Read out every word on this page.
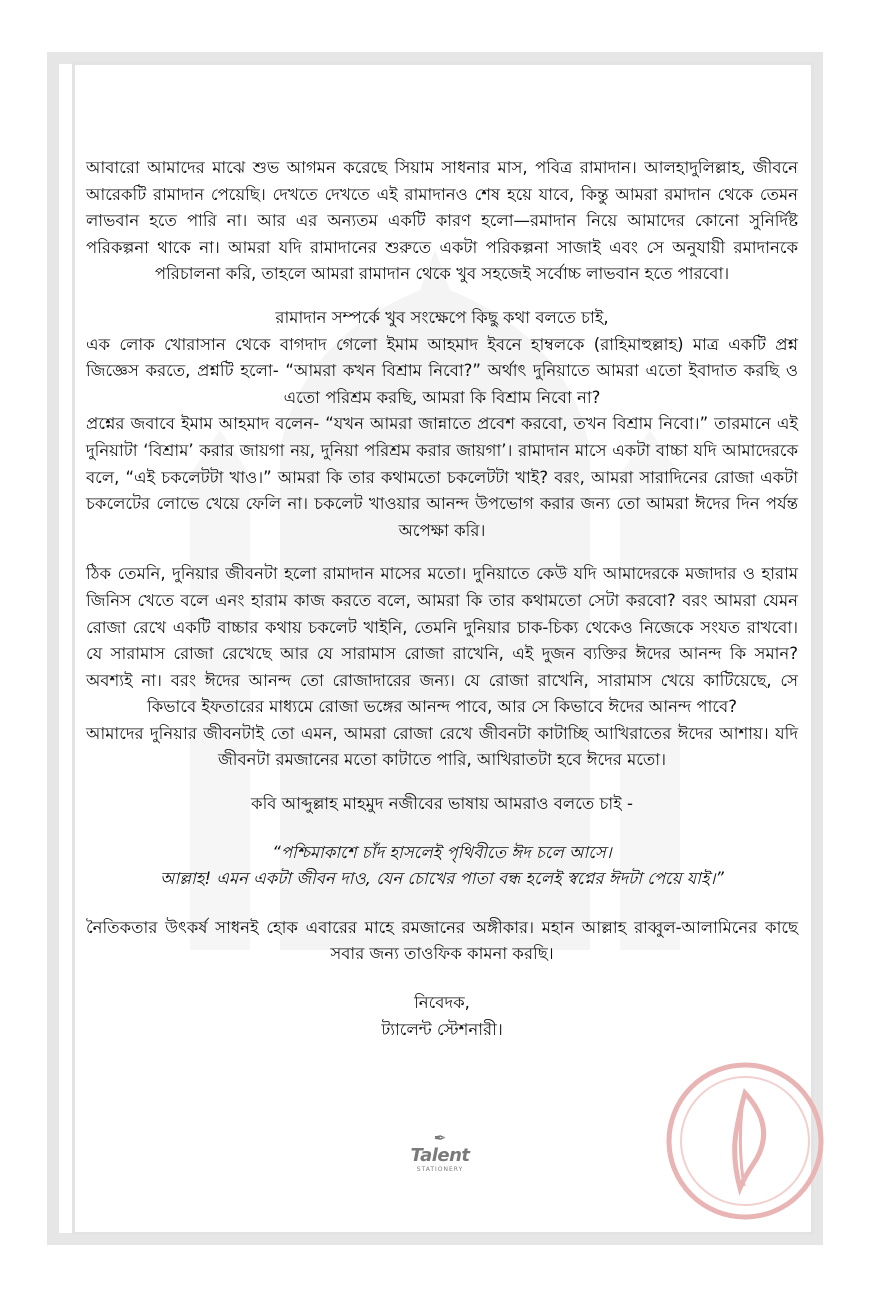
আবারো আমাদের মাঝে শুভ আগমন করেছে সিয়াম সাধনার মাস, পবিত্র রামাদান। আলহাদুলিল্লাহ, জীবনে আরেকটি রামাদান পেয়েছি। দেখতে দেখতে এই রামাদানও শেষ হয়ে যাবে, কিন্তু আমরা রমাদান থেকে তেমন লাভবান হতে পারি না। আর এর অন্যতম একটি কারণ হলো—রমাদান নিয়ে আমাদের কোনো সুনির্দিষ্ট পরিকল্পনা থাকে না। আমরা যদি রামাদানের শুরুতে একটা পরিকল্পনা সাজাই এবং সে অনুযায়ী রমাদানকে পরিচালনা করি, তাহলে আমরা রামাদান থেকে খুব সহজেই সর্বোচ্চ লাভবান হতে পারবো।

রামাদান সম্পর্কে খুব সংক্ষেপে কিছু কথা বলতে চাই,

এক লোক খোরাসান থেকে বাগদাদ গেলো ইমাম আহমাদ ইবনে হাম্বলকে (রাহিমাহুল্লাহ) মাত্র একটি প্রশ্ন জিজ্ঞেস করতে, প্রশ্নটি হলো- “আমরা কখন বিশ্রাম নিবো?” অর্থাৎ দুনিয়াতে আমরা এতো ইবাদাত করছি ও এতো পরিশ্রম করছি, আমরা কি বিশ্রাম নিবো না?

প্রশ্নের জবাবে ইমাম আহমাদ বলেন- “যখন আমরা জান্নাতে প্রবেশ করবো, তখন বিশ্রাম নিবো।” তারমানে এই দুনিয়াটা ‘বিশ্রাম’ করার জায়গা নয়, দুনিয়া পরিশ্রম করার জায়গা’। রামাদান মাসে একটা বাচ্চা যদি আমাদেরকে বলে, “এই চকলেটটা খাও।” আমরা কি তার কথামতো চকলেটটা খাই? বরং, আমরা সারাদিনের রোজা একটা চকলেটের লোভে খেয়ে ফেলি না। চকলেট খাওয়ার আনন্দ উপভোগ করার জন্য তো আমরা ঈদের দিন পর্যন্ত অপেক্ষা করি।

ঠিক তেমনি, দুনিয়ার জীবনটা হলো রামাদান মাসের মতো। দুনিয়াতে কেউ যদি আমাদেরকে মজাদার ও হারাম জিনিস খেতে বলে এনং হারাম কাজ করতে বলে, আমরা কি তার কথামতো সেটা করবো? বরং আমরা যেমন রোজা রেখে একটি বাচ্চার কথায় চকলেট খাইনি, তেমনি দুনিয়ার চাক-চিক্য থেকেও নিজেকে সংযত রাখবো। যে সারামাস রোজা রেখেছে আর যে সারামাস রোজা রাখেনি, এই দুজন ব্যক্তির ঈদের আনন্দ কি সমান? অবশ্যই না। বরং ঈদের আনন্দ তো রোজাদারের জন্য। যে রোজা রাখেনি, সারামাস খেয়ে কাটিয়েছে, সে কিভাবে ইফতারের মাধ্যমে রোজা ভঙ্গের আনন্দ পাবে, আর সে কিভাবে ঈদের আনন্দ পাবে?

আমাদের দুনিয়ার জীবনটাই তো এমন, আমরা রোজা রেখে জীবনটা কাটাচ্ছি আখিরাতের ঈদের আশায়। যদি জীবনটা রমজানের মতো কাটাতে পারি, আখিরাতটা হবে ঈদের মতো।

কবি আব্দুল্লাহ মাহমুদ নজীবের ভাষায় আমরাও বলতে চাই -

“পশ্চিমাকাশে চাঁদ হাসলেই পৃথিবীতে ঈদ চলে আসে।

আল্লাহ! এমন একটা জীবন দাও, যেন চোখের পাতা বন্ধ হলেই স্বপ্নের ঈদটা পেয়ে যাই।”

নৈতিকতার উৎকর্ষ সাধনই হোক এবারের মাহে রমজানের অঙ্গীকার। মহান আল্লাহ রাব্বুল-আলামিনের কাছে সবার জন্য তাওফিক কামনা করছি।

নিবেদক,
ট্যালেন্ট স্টেশনারী।
✒
Talent
STATIONERY
